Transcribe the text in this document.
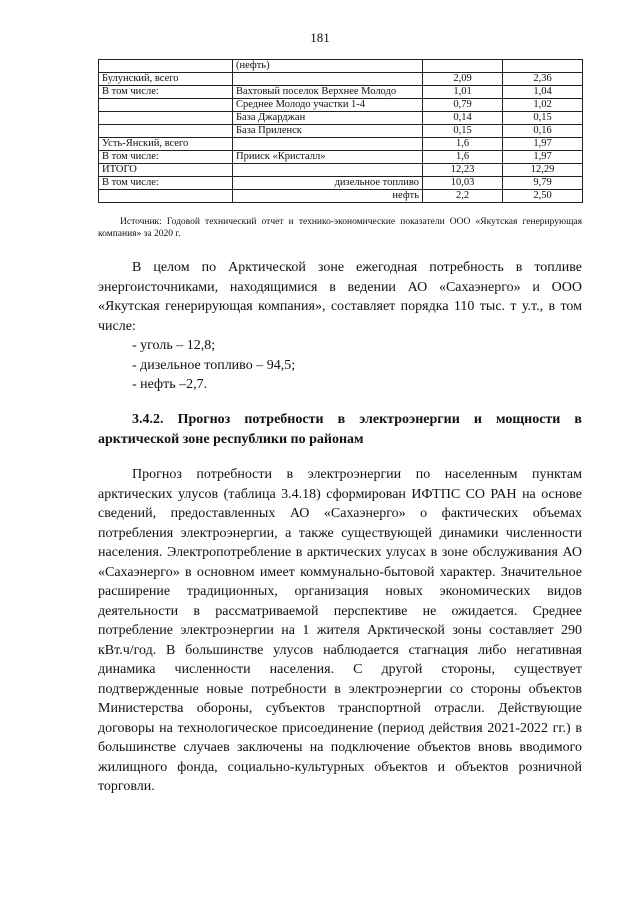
181
	(нефть)		
Булунский, всего		2,09	2,36
В том числе:	Вахтовый поселок Верхнее Молодо	1,01	1,04
	Среднее Молодо участки 1-4	0,79	1,02
	База Джарджан	0,14	0,15
	База Приленск	0,15	0,16
Усть-Янский, всего		1,6	1,97
В том числе:	Прииск «Кристалл»	1,6	1,97
ИТОГО		12,23	12,29
В том числе:	дизельное топливо	10,03	9,79
	нефть	2,2	2,50
Источник: Годовой технический отчет и технико-экономические показатели ООО «Якутская генерирующая компания» за 2020 г.

В целом по Арктической зоне ежегодная потребность в топливе энергоисточниками, находящимися в ведении АО «Сахаэнерго» и ООО «Якутская генерирующая компания», составляет порядка 110 тыс. т у.т., в том числе:

- уголь – 12,8;
- дизельное топливо – 94,5;
- нефть –2,7.

3.4.2. Прогноз потребности в электроэнергии и мощности в арктической зоне республики по районам

Прогноз потребности в электроэнергии по населенным пунктам арктических улусов (таблица 3.4.18) сформирован ИФТПС СО РАН на основе сведений, предоставленных АО «Сахаэнерго» о фактических объемах потребления электроэнергии, а также существующей динамики численности населения. Электропотребление в арктических улусах в зоне обслуживания АО «Сахаэнерго» в основном имеет коммунально-бытовой характер. Значительное расширение традиционных, организация новых экономических видов деятельности в рассматриваемой перспективе не ожидается. Среднее потребление электроэнергии на 1 жителя Арктической зоны составляет 290 кВт.ч/год. В большинстве улусов наблюдается стагнация либо негативная динамика численности населения. С другой стороны, существует подтвержденные новые потребности в электроэнергии со стороны объектов Министерства обороны, субъектов транспортной отрасли. Действующие договоры на технологическое присоединение (период действия 2021-2022 гг.) в большинстве случаев заключены на подключение объектов вновь вводимого жилищного фонда, социально-культурных объектов и объектов розничной торговли.
